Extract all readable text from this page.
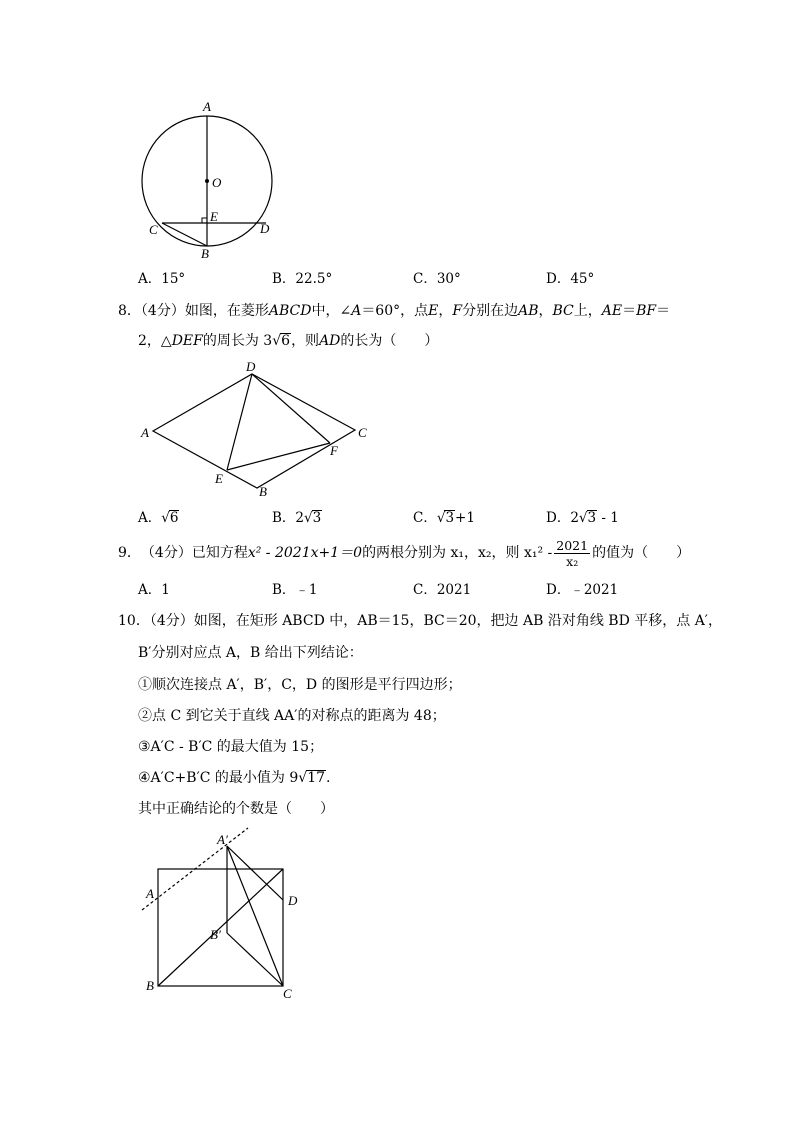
A
O
E
C	D
B
A．15°	B．22.5°	C．30°	D．45°
8．（4分）如图，在菱形ABCD中，∠A＝60°，点E，F分别在边AB，BC上，AE＝BF＝
2，△DEF的周长为 3√6，则AD的长为（　　）
A
D
C
F
E
B
A．√6	B．2√3	C．√3+1	D．2√3 - 1
9． （4分） 已知方程 x² - 2021x+1＝0 的两根分别为 x₁，x₂，则 $x_1^2 - \frac{2021}{\text{x₂}}$ 的值为（　　）
A．1	B．﹣1	C．2021	D．﹣2021
10．（4分）如图，在矩形 ABCD 中，AB＝15，BC＝20，把边 AB 沿对角线 BD 平移，点 A′，
B′分别对应点 A，B 给出下列结论：
①顺次连接点 A′，B′，C，D 的图形是平行四边形；
②点 C 到它关于直线 AA′的对称点的距离为 48；
③A′C - B′C 的最大值为 15；
④A′C+B′C 的最小值为 9√17.
其中正确结论的个数是（　　）
A′
A	D
B′
B
C
